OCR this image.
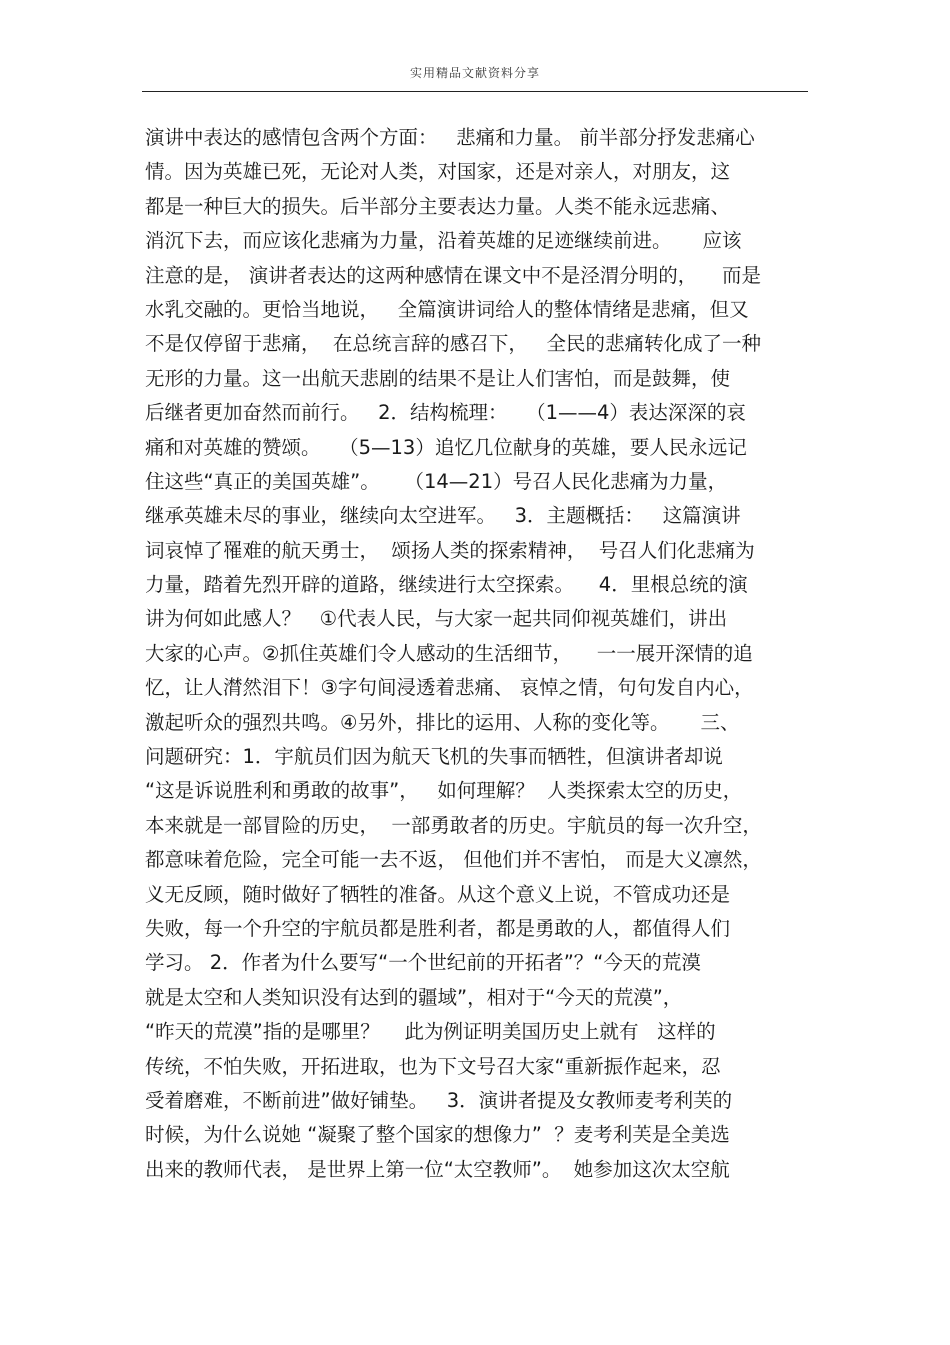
实用精品文献资料分享
演讲中表达的感情包含两个方面：   悲痛和力量。 前半部分抒发悲痛心
情。因为英雄已死，无论对人类，对国家，还是对亲人，对朋友，这
都是一种巨大的损失。后半部分主要表达力量。人类不能永远悲痛、
消沉下去，而应该化悲痛为力量，沿着英雄的足迹继续前进。     应该
注意的是， 演讲者表达的这两种感情在课文中不是泾渭分明的，    而是
水乳交融的。更恰当地说，   全篇演讲词给人的整体情绪是悲痛，但又
不是仅停留于悲痛，  在总统言辞的感召下，   全民的悲痛转化成了一种
无形的力量。这一出航天悲剧的结果不是让人们害怕，而是鼓舞，使
后继者更加奋然而前行。   2．结构梳理：   （1——4）表达深深的哀
痛和对英雄的赞颂。   （5—13）追忆几位献身的英雄，要人民永远记
住这些“真正的美国英雄”。    （14—21）号召人民化悲痛为力量，
继承英雄未尽的事业，继续向太空进军。   3．主题概括：   这篇演讲
词哀悼了罹难的航天勇士，  颂扬人类的探索精神，  号召人们化悲痛为
力量，踏着先烈开辟的道路，继续进行太空探索。    4．里根总统的演
讲为何如此感人？   ①代表人民，与大家一起共同仰视英雄们，讲出
大家的心声。②抓住英雄们令人感动的生活细节，    一一展开深情的追
忆，让人潸然泪下！③字句间浸透着悲痛、 哀悼之情，句句发自内心，
激起听众的强烈共鸣。④另外，排比的运用、人称的变化等。     三、
问题研究：1．宇航员们因为航天飞机的失事而牺牲，但演讲者却说
“这是诉说胜利和勇敢的故事”，   如何理解？  人类探索太空的历史，
本来就是一部冒险的历史，  一部勇敢者的历史。宇航员的每一次升空，
都意味着危险，完全可能一去不返， 但他们并不害怕， 而是大义凛然，
义无反顾，随时做好了牺牲的准备。从这个意义上说，不管成功还是
失败，每一个升空的宇航员都是胜利者，都是勇敢的人，都值得人们
学习。 2．作者为什么要写“一个世纪前的开拓者”？“今天的荒漠
就是太空和人类知识没有达到的疆域”，相对于“今天的荒漠”，
“昨天的荒漠”指的是哪里？    此为例证明美国历史上就有   这样的
传统，不怕失败，开拓进取，也为下文号召大家“重新振作起来，忍
受着磨难，不断前进”做好铺垫。   3．演讲者提及女教师麦考利芙的
时候，为什么说她 “凝聚了整个国家的想像力”  ？麦考利芙是全美选
出来的教师代表， 是世界上第一位“太空教师”。  她参加这次太空航
